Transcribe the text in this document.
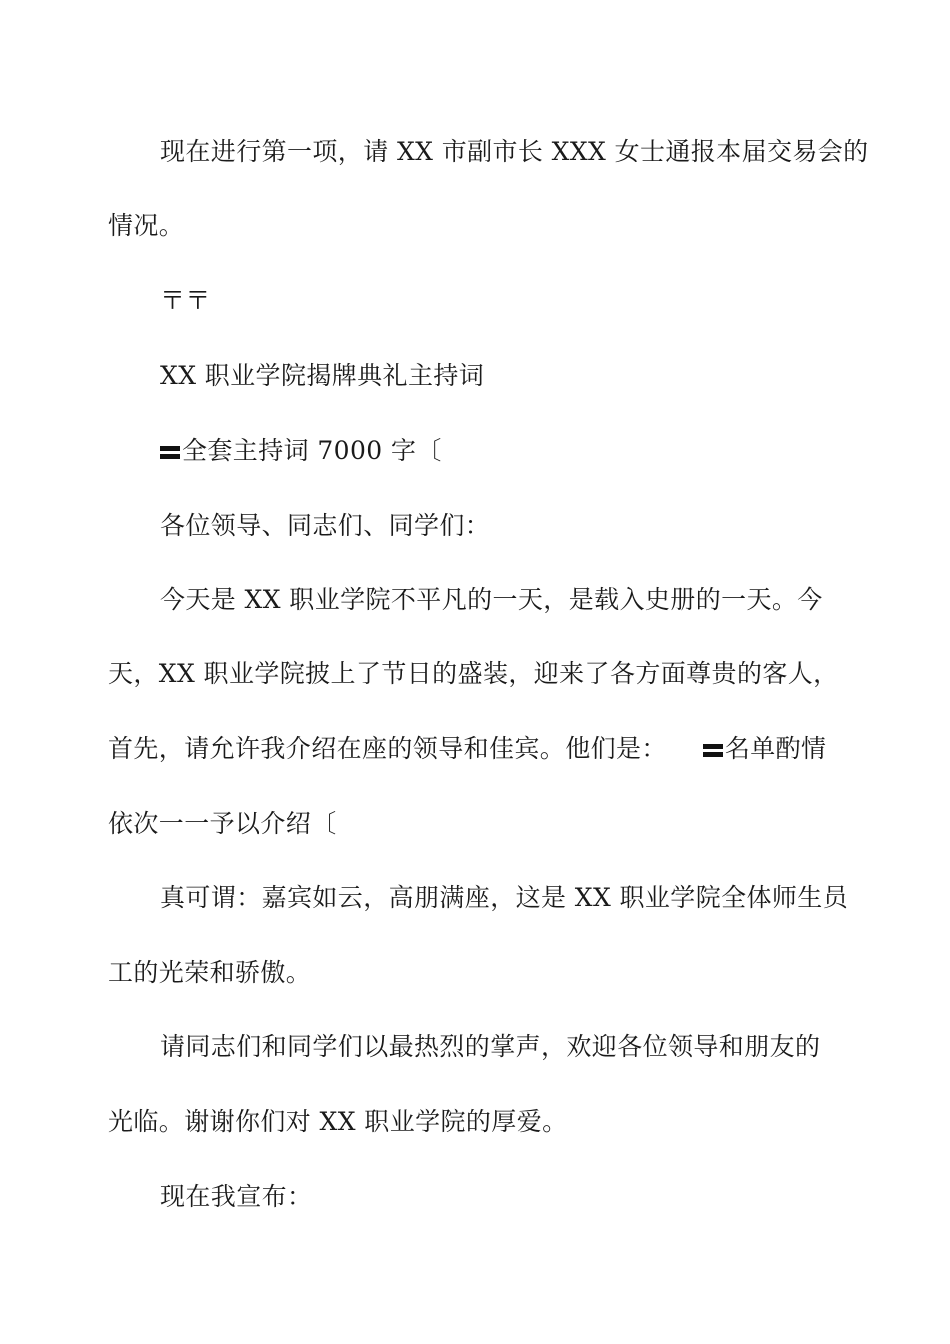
现在进行第一项，请 XX 市副市长 XXX 女士通报本届交易会的
情况。
〒〒
XX 职业学院揭牌典礼主持词
全套主持词 7000 字〔
各位领导、同志们、同学们：
今天是 XX 职业学院不平凡的一天，是载入史册的一天。今
天，XX 职业学院披上了节日的盛装，迎来了各方面尊贵的客人，
首先，请允许我介绍在座的领导和佳宾。他们是： 名单酌情
依次一一予以介绍〔
真可谓：嘉宾如云，高朋满座，这是 XX 职业学院全体师生员
工的光荣和骄傲。
请同志们和同学们以最热烈的掌声，欢迎各位领导和朋友的
光临。谢谢你们对 XX 职业学院的厚爱。
现在我宣布：
